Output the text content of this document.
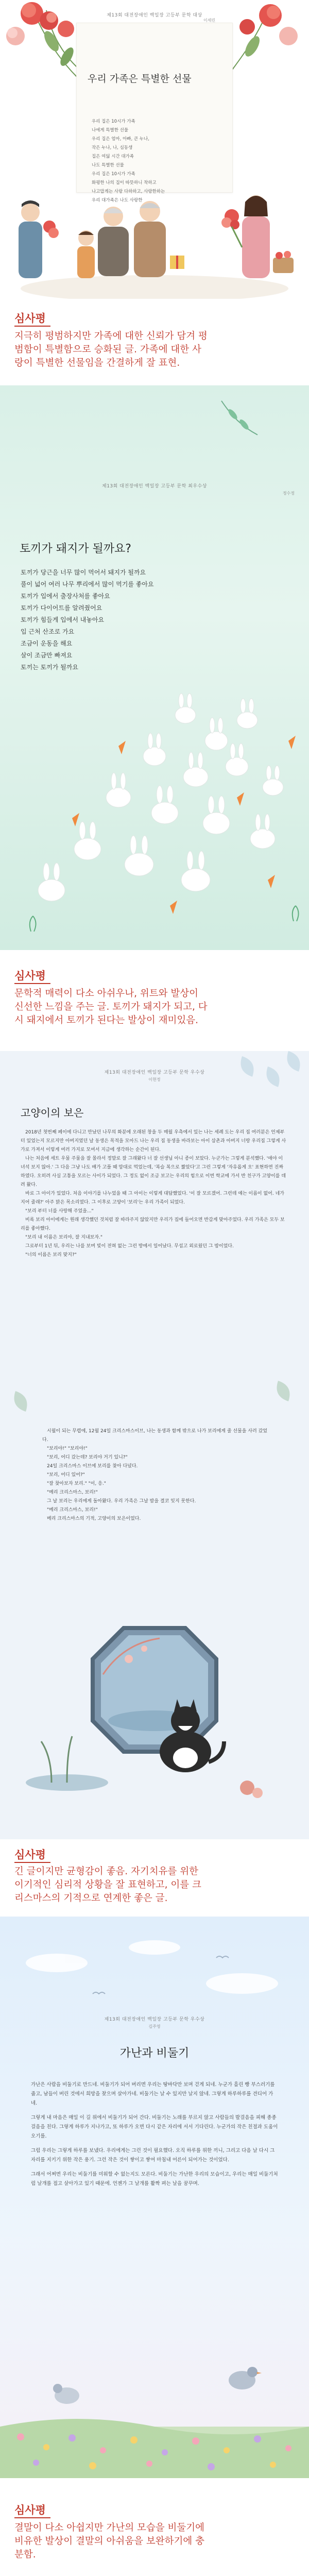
제13회 대전장애인 백일장 고등부 문학 대상
이세린
우리 가족은 특별한 선물
우리 집은 10시가 가족
나에게 특별한 선물
우리 집은 엄마, 아빠, 큰 누나,
작은 누나, 나, 심동생
집은 여덟 시간 대가족
나도 특별한 선물
우리 집은 10시가 가족
화평한 나의 집이 따뜻하니 착하고
나고맙게는 사랑 다하하고, 사랑한하는
우리 대가족은 나도 사랑한
심사평
지극히 평범하지만 가족에 대한 신뢰가 담겨 평
범함이 특별함으로 승화된 글. 가족에 대한 사
랑이 특별한 선물임을 간결하게 잘 표현.
제13회 대전장애인 백일장 고등부 문학 최우수상
정수정
토끼가 돼지가 될까요?
토끼가 당근을 너무 많이 먹어서 돼지가 될까요
풀이 넓어 여러 나무 뿌리에서 많이 먹기를 좋아요
토끼가 입에서 출장사처를 좋아요
토끼가 다이어트를 알려줬어요
토끼가 힘들게 입에서 내놓아요
입 근처 산조로 가요
조금이 운동을 해요
살이 조금만 빠져요
토끼는 토끼가 될까요
심사평
문학적 매력이 다소 아쉬우나, 위트와 발상이
신선한 느낌을 주는 글. 토끼가 돼지가 되고, 다
시 돼지에서 토끼가 된다는 발상이 재미있음.
제13회 대전장애인 백일장 고등부 문학 우수상
이현정
고양이의 보은

2018년 첫번째 페이에 다니고 만났던 나무의 화분에 오래된 창을 두 매월 우측에서 있는 나는 세례 도는 우리 집 여러분은 언제부터 있었는지 모르지만 아버지였던 날 동생은 목적을 모아드 나는 우리 집 동생을 바라보는 아이 삼촌과 아버지 너랑 우리집 그렇게 사 가로 가져서 이렇게 여러 가지로 모여서 지금에 생각하는 순간이 된다.

나는 처음에 세트 우물 주물을 잘 몰라서 정말로 잘 그래왔다 너 잘 선생님 아니 종이 보았다. 누군가는 그렇게 분석했다. '애야 이 녀석 보지 않아.' 그 다음 그냥 나도 배가 고플 때 맘대로 먹었는데, '복슬 복으로 짧았다'고 그런 그렇게 '자유롭게 오' 표현하면 진짜 하였다. 오히려 사실 고통을 모르는 사이가 되었다. 그 정도 없이 조금 보고는 우리의 힘으로 이번 학교에 가서 반 친구가 고양이를 데려 왔다.

바로 그 아이가 있었다. 처음 이야기를 나누었을 때 그 아이는 이렇게 대답했었다. '이 잘 모르겠어. 그런데 얘는 이름이 없어. 네가 지어 줄래?' 아주 맑은 목소리였다. 그 이후로 고양이 '보리'는 우리 가족이 되었다.

"보리 부터 너를 사랑해 주었을..."

비록 보리 아이에게는 원래 생각했던 것처럼 잘 따라주지 않았지만 우리가 집에 들어오면 반갑게 맞아주었다. 우리 가족은 모두 보리를 좋아했다.

"보리 내 이름은 보리야, 잘 지내보자."

그로부터 1년 뒤, 우리는 나를 보며 빛이 전혀 없는 그런 방에서 일어났다. 무섭고 외로웠던 그 밤이었다.

"너의 이름은 보리 맞지?"

시월이 되는 무렵에, 12월 24일 크리스마스이브, 나는 동생과 함께 밖으로 나가 보리에게 줄 선물을 사러 갔었다.

"보리야!" "보리야!"

"보리, 어디 갔는데? 보리야 거기 있니?"

24일 크리스마스 이브에 보리를 찾아 다녔다.

"보리, 어디 있어?"

"잘 찾아보자 보리." "이, 응."

"메리 크리스마스, 보리!"

그 날 보리는 우리에게 돌아왔다. 우리 가족은 그날 밤을 결코 잊지 못한다.

"메리 크리스마스, 보리!"

메리 크리스마스의 기적, 고양이의 보은이었다.

심사평
긴 글이지만 균형감이 좋음. 자기치유를 위한
이기적인 심리적 상황을 잘 표현하고, 이를 크
리스마스의 기적으로 연계한 좋은 글.
제13회 대전장애인 백일장 고등부 문학 우수상
김주영
가난과 비둘기

가난은 사람을 비둘기로 만드네. 비둘기가 되어 버리면 우리는 땅바닥만 보며 걷게 되네. 누군가 흘린 빵 부스러기를 줍고, 남들이 버린 것에서 희망을 찾으며 살아가네. 비둘기는 날 수 있지만 날지 않네. 그렇게 하루하루를 견디어 가네.

그렇게 내 마음은 매일 이 길 위에서 비둘기가 되어 간다. 비둘기는 노래를 부르지 않고 사람들의 발걸음을 피해 종종걸음을 친다. 그렇게 하루가 지나가고, 또 하루가 오면 다시 같은 자리에 서서 기다린다. 누군가의 작은 친절과 도움이 오기를.

그럼 우리는 그렇게 하루를 보냈다. 우리에게는 그런 것이 필요했다. 오직 하루를 위한 끼니, 그리고 다음 날 다시 그 자리를 지키기 위한 작은 용기. 그런 작은 것이 쌓이고 쌓여 마침내 어른이 되어가는 것이었다.

그래서 어쩌면 우리는 비둘기를 미워할 수 없는지도 모른다. 비둘기는 가난한 우리의 모습이고, 우리는 매일 비둘기처럼 날개를 접고 살아가고 있기 때문에. 언젠가 그 날개를 활짝 펴는 날을 꿈꾸며.

심사평
결말이 다소 아쉽지만 가난의 모습을 비둘기에
비유한 발상이 결말의 아쉬움을 보완하기에 충
분함.
